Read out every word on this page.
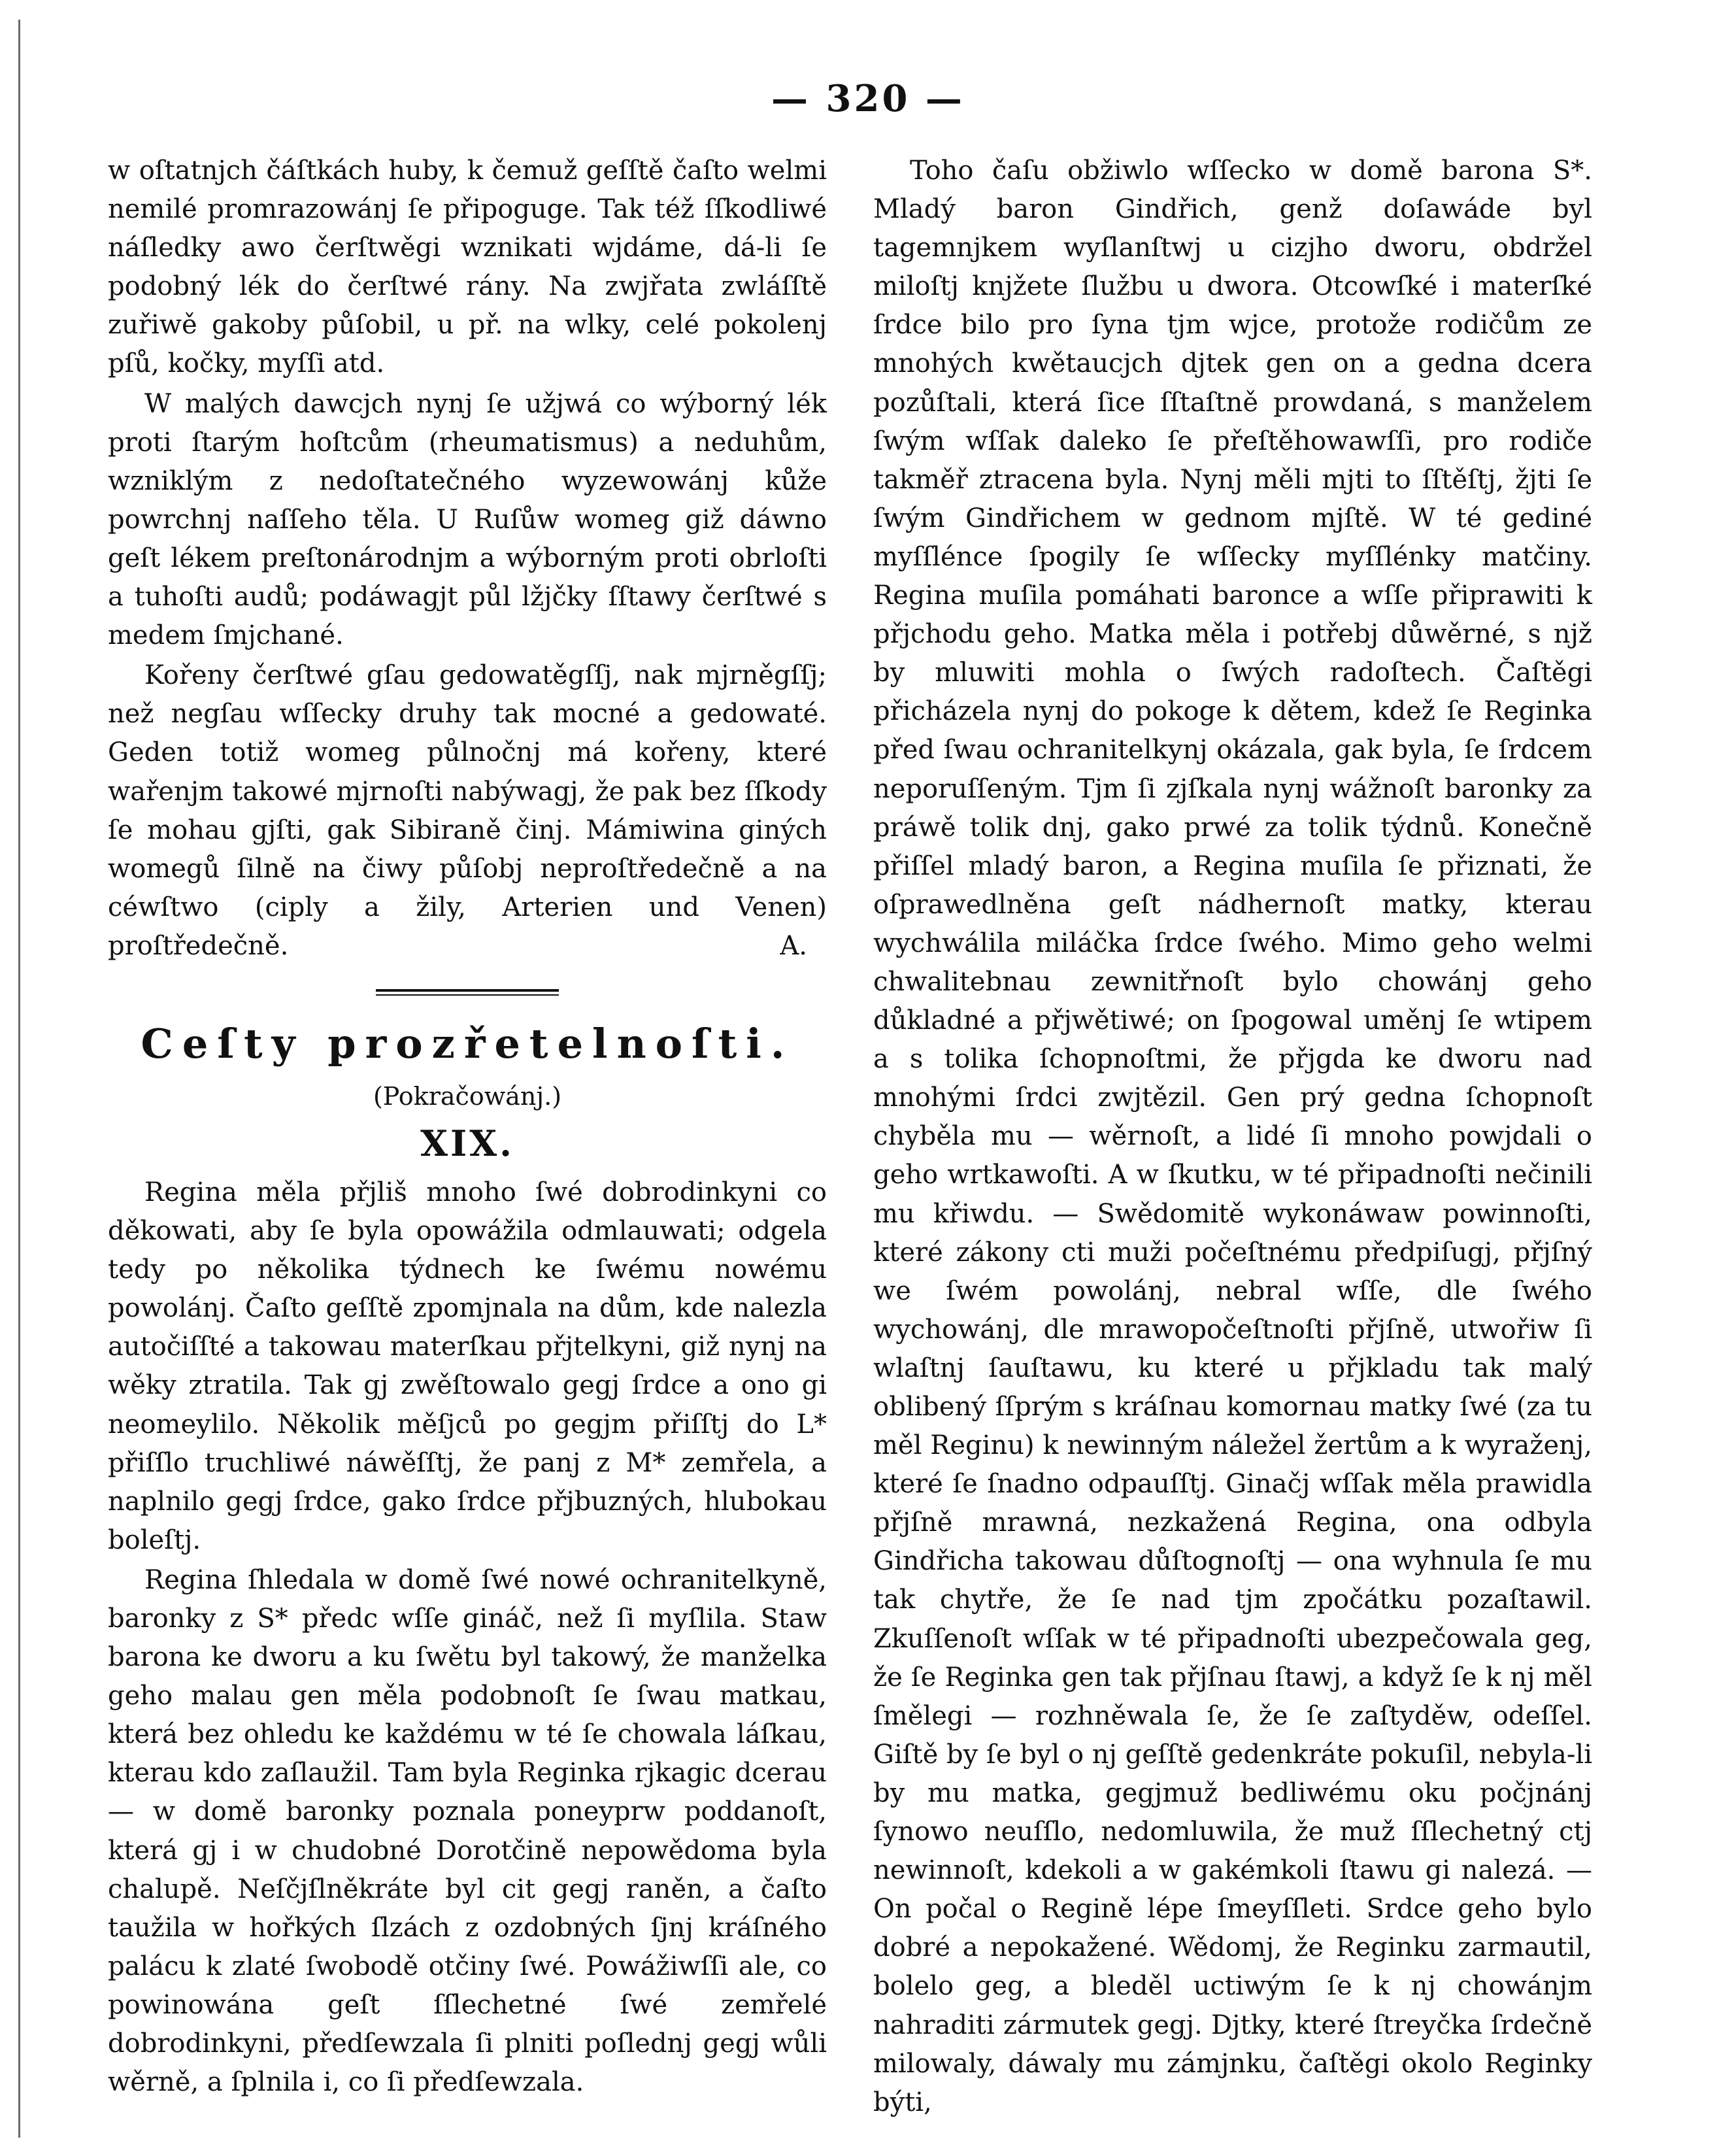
— 320 —

w oſtatnjch čáſtkách huby, k čemuž geſſtě čaſto welmi nemilé promrazowánj ſe připoguge. Tak též ſſkodliwé náſledky awo čerſtwěgi wznikati wjdáme, dá-li ſe podobný lék do čerſtwé rány. Na zwjřata zwláſſtě zuřiwě gakoby půſobil, u př. na wlky, celé pokolenj pſů, kočky, myſſi atd.

W malých dawcjch nynj ſe užjwá co wýborný lék proti ſtarým hoſtcům (rheumatismus) a neduhům, wzniklým z nedoſtatečného wyzewowánj kůže powrchnj naſſeho těla. U Ruſůw womeg giž dáwno geſt lékem preſtonárodnjm a wýborným proti obrloſti a tuhoſti audů; podáwagjt půl lžjčky ſſtawy čerſtwé s medem ſmjchané.

Kořeny čerſtwé gſau gedowatěgſſj, nak mjrněgſſj; než negſau wſſecky druhy tak mocné a gedowaté. Geden totiž womeg půlnočnj má kořeny, které wařenjm takowé mjrnoſti nabýwagj, že pak bez ſſkody ſe mohau gjſti, gak Sibiraně činj. Mámiwina giných womegů ſilně na čiwy půſobj neproſtředečně a na céwſtwo (ciply a žily, Arterien und Venen) proſtředečně.	A.

Ceſty prozřetelnoſti.
(Pokračowánj.)
XIX.

Regina měla přjliš mnoho ſwé dobrodinkyni co děkowati, aby ſe byla opowážila odmlauwati; odgela tedy po několika týdnech ke ſwému nowému powolánj. Čaſto geſſtě zpomjnala na dům, kde nalezla autočiſſté a takowau materſkau přjtelkyni, giž nynj na wěky ztratila. Tak gj zwěſtowalo gegj ſrdce a ono gi neomeylilo. Několik měſjců po gegjm přiſſtj do L* přiſſlo truchliwé náwěſſtj, že panj z M* zemřela, a naplnilo gegj ſrdce, gako ſrdce přjbuzných, hlubokau boleſtj.

Regina ſhledala w domě ſwé nowé ochranitelkyně, baronky z S* předc wſſe gináč, než ſi myſlila. Staw barona ke dworu a ku ſwětu byl takowý, že manželka geho malau gen měla podobnoſt ſe ſwau matkau, která bez ohledu ke každému w té ſe chowala láſkau, kterau kdo zaſlaužil. Tam byla Reginka rjkagic dcerau — w domě baronky poznala poneyprw poddanoſt, která gj i w chudobné Dorotčině nepowědoma byla chalupě. Neſčjſlněkráte byl cit gegj raněn, a čaſto taužila w hořkých ſlzách z ozdobných ſjnj kráſného palácu k zlaté ſwobodě otčiny ſwé. Powážiwſſi ale, co powinowána geſt ſſlechetné ſwé zemřelé dobrodinkyni, předſewzala ſi plniti poſlednj gegj wůli wěrně, a ſplnila i, co ſi předſewzala.

Toho čaſu obžiwlo wſſecko w domě barona S*. Mladý baron Gindřich, genž doſawáde byl tagemnjkem wyſlanſtwj u cizjho dworu, obdržel miloſtj knjžete ſlužbu u dwora. Otcowſké i materſké ſrdce bilo pro ſyna tjm wjce, protože rodičům ze mnohých kwětaucjch djtek gen on a gedna dcera pozůſtali, která ſice ſſtaſtně prowdaná, s manželem ſwým wſſak daleko ſe přeſtěhowawſſi, pro rodiče takměř ztracena byla. Nynj měli mjti to ſſtěſtj, žjti ſe ſwým Gindřichem w gednom mjſtě. W té gediné myſſlénce ſpogily ſe wſſecky myſſlénky matčiny. Regina muſila pomáhati baronce a wſſe připrawiti k přjchodu geho. Matka měla i potřebj důwěrné, s njž by mluwiti mohla o ſwých radoſtech. Čaſtěgi přicházela nynj do pokoge k dětem, kdež ſe Reginka před ſwau ochranitelkynj okázala, gak byla, ſe ſrdcem neporuſſeným. Tjm ſi zjſkala nynj wážnoſt baronky za práwě tolik dnj, gako prwé za tolik týdnů. Konečně přiſſel mladý baron, a Regina muſila ſe přiznati, že oſprawedlněna geſt nádhernoſt matky, kterau wychwálila miláčka ſrdce ſwého. Mimo geho welmi chwalitebnau zewnitřnoſt bylo chowánj geho důkladné a přjwětiwé; on ſpogowal uměnj ſe wtipem a s tolika ſchopnoſtmi, že přjgda ke dworu nad mnohými ſrdci zwjtězil. Gen prý gedna ſchopnoſt chyběla mu — wěrnoſt, a lidé ſi mnoho powjdali o geho wrtkawoſti. A w ſkutku, w té připadnoſti nečinili mu křiwdu. — Swědomitě wykonáwaw powinnoſti, které zákony cti muži počeſtnému předpiſugj, přjſný we ſwém powolánj, nebral wſſe, dle ſwého wychowánj, dle mrawopočeſtnoſti přjſně, utwořiw ſi wlaſtnj ſauſtawu, ku které u přjkladu tak malý oblibený ſſprým s kráſnau komornau matky ſwé (za tu měl Reginu) k newinným náležel žertům a k wyraženj, které ſe ſnadno odpauſſtj. Ginačj wſſak měla prawidla přjſně mrawná, nezkažená Regina, ona odbyla Gindřicha takowau důſtognoſtj — ona wyhnula ſe mu tak chytře, že ſe nad tjm zpočátku pozaſtawil. Zkuſſenoſt wſſak w té připadnoſti ubezpečowala geg, že ſe Reginka gen tak přjſnau ſtawj, a když ſe k nj měl ſmělegi — rozhněwala ſe, že ſe zaſtyděw, odeſſel. Giſtě by ſe byl o nj geſſtě gedenkráte pokuſil, nebyla-li by mu matka, gegjmuž bedliwému oku počjnánj ſynowo neuſſlo, nedomluwila, že muž ſſlechetný ctj newinnoſt, kdekoli a w gakémkoli ſtawu gi nalezá. — On počal o Regině lépe ſmeyſſleti. Srdce geho bylo dobré a nepokažené. Wědomj, že Reginku zarmautil, bolelo geg, a bleděl uctiwým ſe k nj chowánjm nahraditi zármutek gegj. Djtky, které ſtreyčka ſrdečně milowaly, dáwaly mu zámjnku, čaſtěgi okolo Reginky býti,
